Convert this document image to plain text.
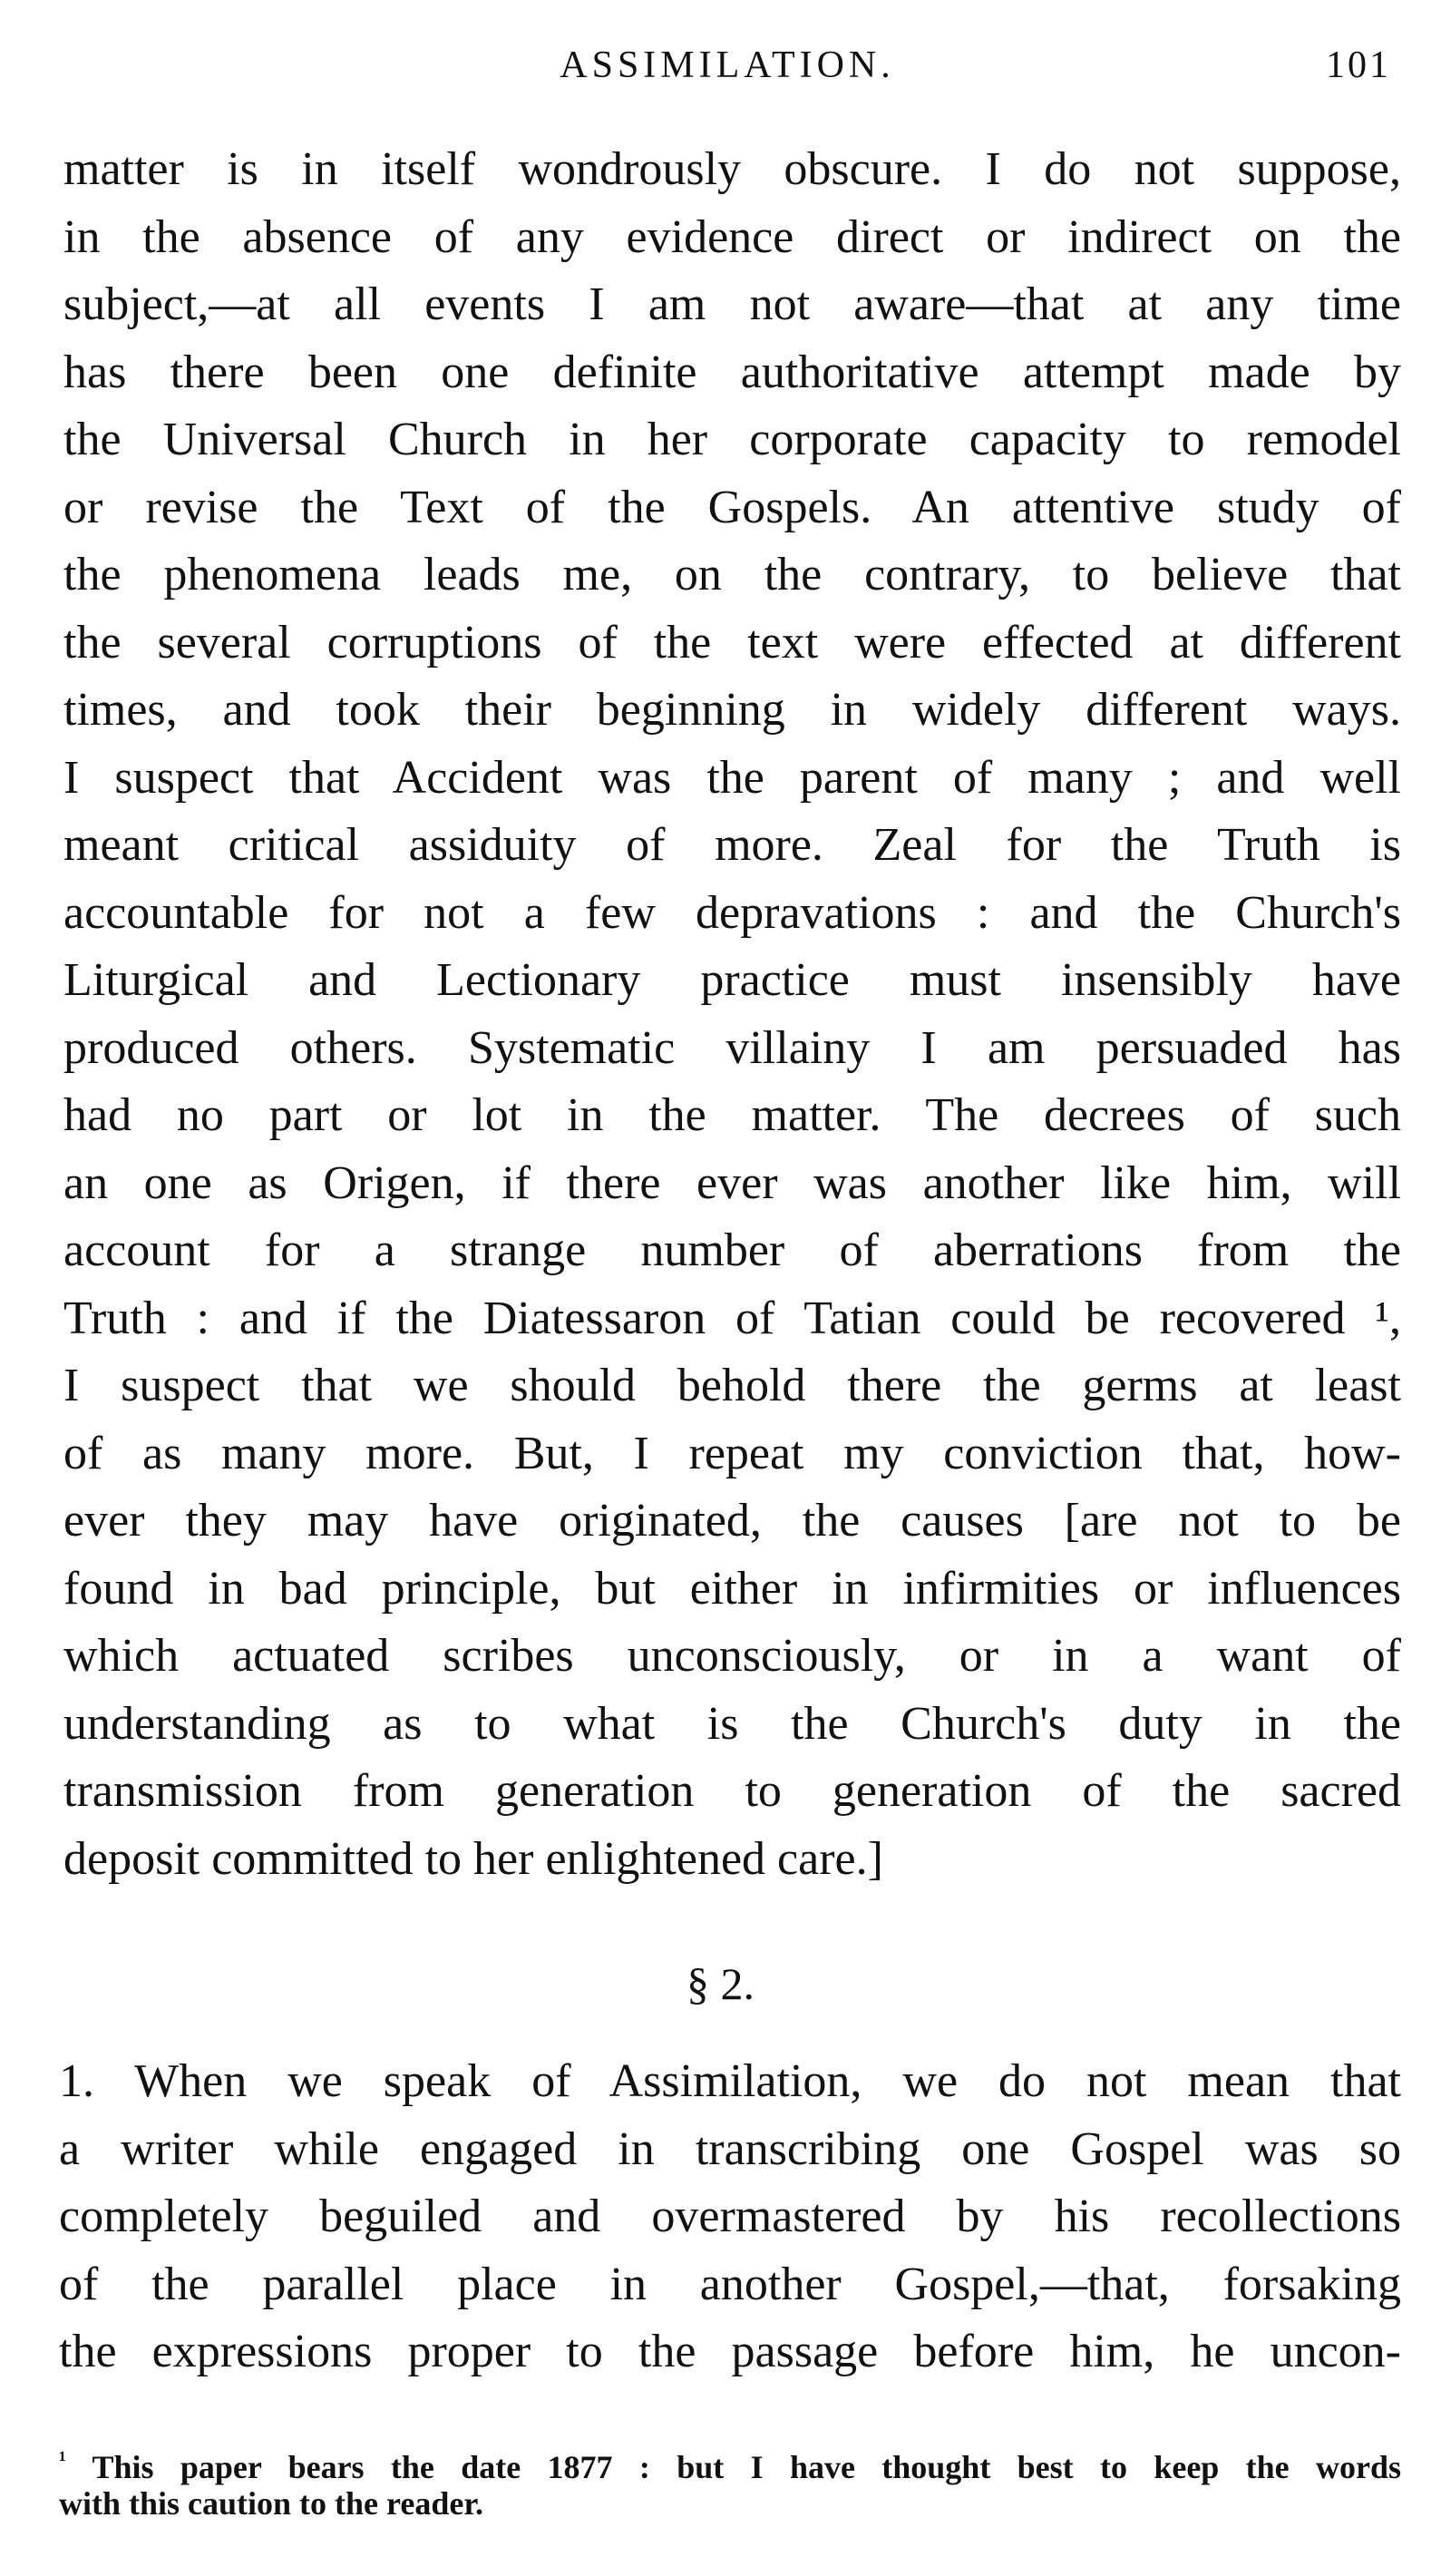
ASSIMILATION.	101
matter is in itself wondrously obscure. I do not suppose,
in the absence of any evidence direct or indirect on the
subject,—at all events I am not aware—that at any time
has there been one definite authoritative attempt made by
the Universal Church in her corporate capacity to remodel
or revise the Text of the Gospels. An attentive study of
the phenomena leads me, on the contrary, to believe that
the several corruptions of the text were effected at different
times, and took their beginning in widely different ways.
I suspect that Accident was the parent of many ; and well
meant critical assiduity of more. Zeal for the Truth is
accountable for not a few depravations : and the Church's
Liturgical and Lectionary practice must insensibly have
produced others. Systematic villainy I am persuaded has
had no part or lot in the matter. The decrees of such
an one as Origen, if there ever was another like him, will
account for a strange number of aberrations from the
Truth : and if the Diatessaron of Tatian could be recovered ¹,
I suspect that we should behold there the germs at least
of as many more. But, I repeat my conviction that, how-
ever they may have originated, the causes [are not to be
found in bad principle, but either in infirmities or influences
which actuated scribes unconsciously, or in a want of
understanding as to what is the Church's duty in the
transmission from generation to generation of the sacred
deposit committed to her enlightened care.]
§ 2.
1. When we speak of Assimilation, we do not mean that
a writer while engaged in transcribing one Gospel was so
completely beguiled and overmastered by his recollections
of the parallel place in another Gospel,—that, forsaking
the expressions proper to the passage before him, he uncon-
$^{^1}$ This paper bears the date 1877 : but I have thought best to keep the words
with this caution to the reader.
